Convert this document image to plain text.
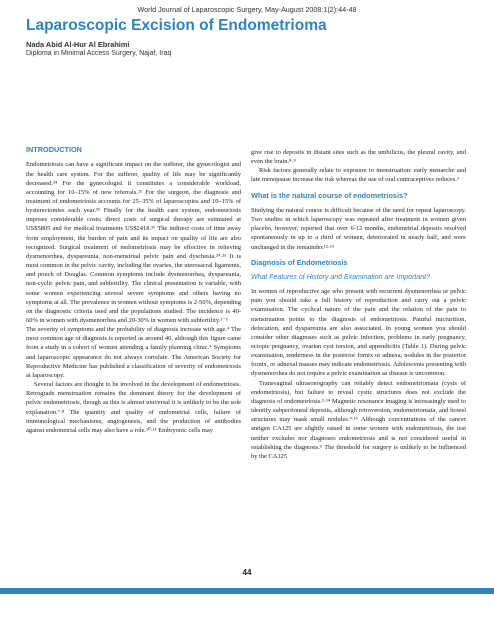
World Journal of Laparoscopic Surgery, May-August 2008:1(2):44-48
Laparoscopic Excision of Endometrioma
Nada Abid Al-Hur Al Ebrahimi
Diploma in Minimal Access Surgery, Najaf, Iraq
INTRODUCTION

Endometriosis can have a significant impact on the sufferer, the gynecologist and the health care system. For the sufferer, quality of life may be significantly decreased.²⁴ For the gynecologist it constitutes a considerable workload, accounting for 10–15% of new referrals.²⁵ For the surgeon, the diagnosis and treatment of endometriosis accounts for 25–35% of laparoscopies and 10–15% of hysterectomies each year.²⁵ Finally for the health care system, endometriosis imposes considerable costs; direct costs of surgical therapy are estimated at US$5805 and for medical treatments US$2418.²⁶ The indirect costs of time away from employment, the burden of pain and its impact on quality of life are also recognized. Surgical treatment of endometriosis may be effective in relieving dysmenorrhea, dyspareunia, non-menstrual pelvic pain and dyschesia.²⁴·²⁵ It is most common in the pelvic cavity, including the ovaries, the uterosacral ligaments, and pouch of Douglas. Common symptoms include dysmenorrhea, dyspareunia, non-cyclic pelvic pain, and subfertility. The clinical presentation is variable, with some women experiencing several severe symptoms and others having no symptoms at all. The prevalence in women without symptoms is 2-50%, depending on the diagnostic criteria used and the populations studied. The incidence is 40-60% in women with dysmenorrhea and 20-30% in women with subfertility.¹⁻⁵

The severity of symptoms and the probability of diagnosis increase with age.⁴ The most common age of diagnosis is reported as around 40, although this figure came from a study in a cohort of women attending a family planning clinic.⁵ Symptoms and laparoscopic appearance do not always correlate. The American Society for Reproductive Medicine has published a classification of severity of endometriosis at laparoscopy.

Several factors are thought to be involved in the development of endometriosis. Retrograde menstruation remains the dominant theory for the development of pelvic endometriosis, though as this is almost universal it is unlikely to be the sole explanation.⁷·⁸ The quantity and quality of endometrial cells, failure of immunological mechanisms, angiogenesis, and the production of antibodies against endometrial cells may also have a role.¹⁰·¹¹ Embryonic cells may

give rise to deposits in distant sites such as the umbilicus, the pleural cavity, and even the brain.⁸·⁹

Risk factors generally relate to exposure to menstruation: early menarche and late menopause increase the risk whereas the use of oral contraceptives reduces.³

What is the natural course of endometriosis?

Studying the natural course is difficult because of the need for repeat laparoscopy. Two studies in which laparoscopy was repeated after treatment in women given placebo, however, reported that over 6-12 months, endometrial deposits resolved spontaneously in up to a third of women, deteriorated in nearly half, and were unchanged in the remainder.¹²·¹³

Diagnosis of Endometriosis
What Features of History and Examination are Important?

In women of reproductive age who present with recurrent dysmenorrhea or pelvic pain you should take a full history of reproduction and carry out a pelvic examination. The cyclical nature of the pain and the relation of the pain to menstruation points to the diagnosis of endometriosis. Painful micturition, defecation, and dyspareunia are also associated. In young women you should consider other diagnoses such as pelvic infection, problems in early pregnancy, ectopic pregnancy, ovarian cyst torsion, and appendicitis (Table 1). During pelvic examination, tenderness in the posterior fornix or adnexa, nodules in the posterior fornix, or adnexal masses may indicate endometriosis. Adolescents presenting with dysmenorrhea do not require a pelvic examination as disease is uncommon.

Transvaginal ultrasonography can reliably detect endometriomata (cysts of endometriosis), but failure to reveal cystic structures does not exclude the diagnosis of endometriosis.³·¹⁴ Magnetic resonance imaging is increasingly used to identify subperitoneal deposits, although retroversion, endometriomata, and bowel structures may mask small nodules.⁴·¹⁵ Although concentrations of the cancer antigen CA125 are slightly raised in some women with endometriosis, the test neither excludes nor diagnoses endometriosis and is not considered useful in establishing the diagnosis.⁵ The threshold for surgery is unlikely to be influenced by the CA125

44
